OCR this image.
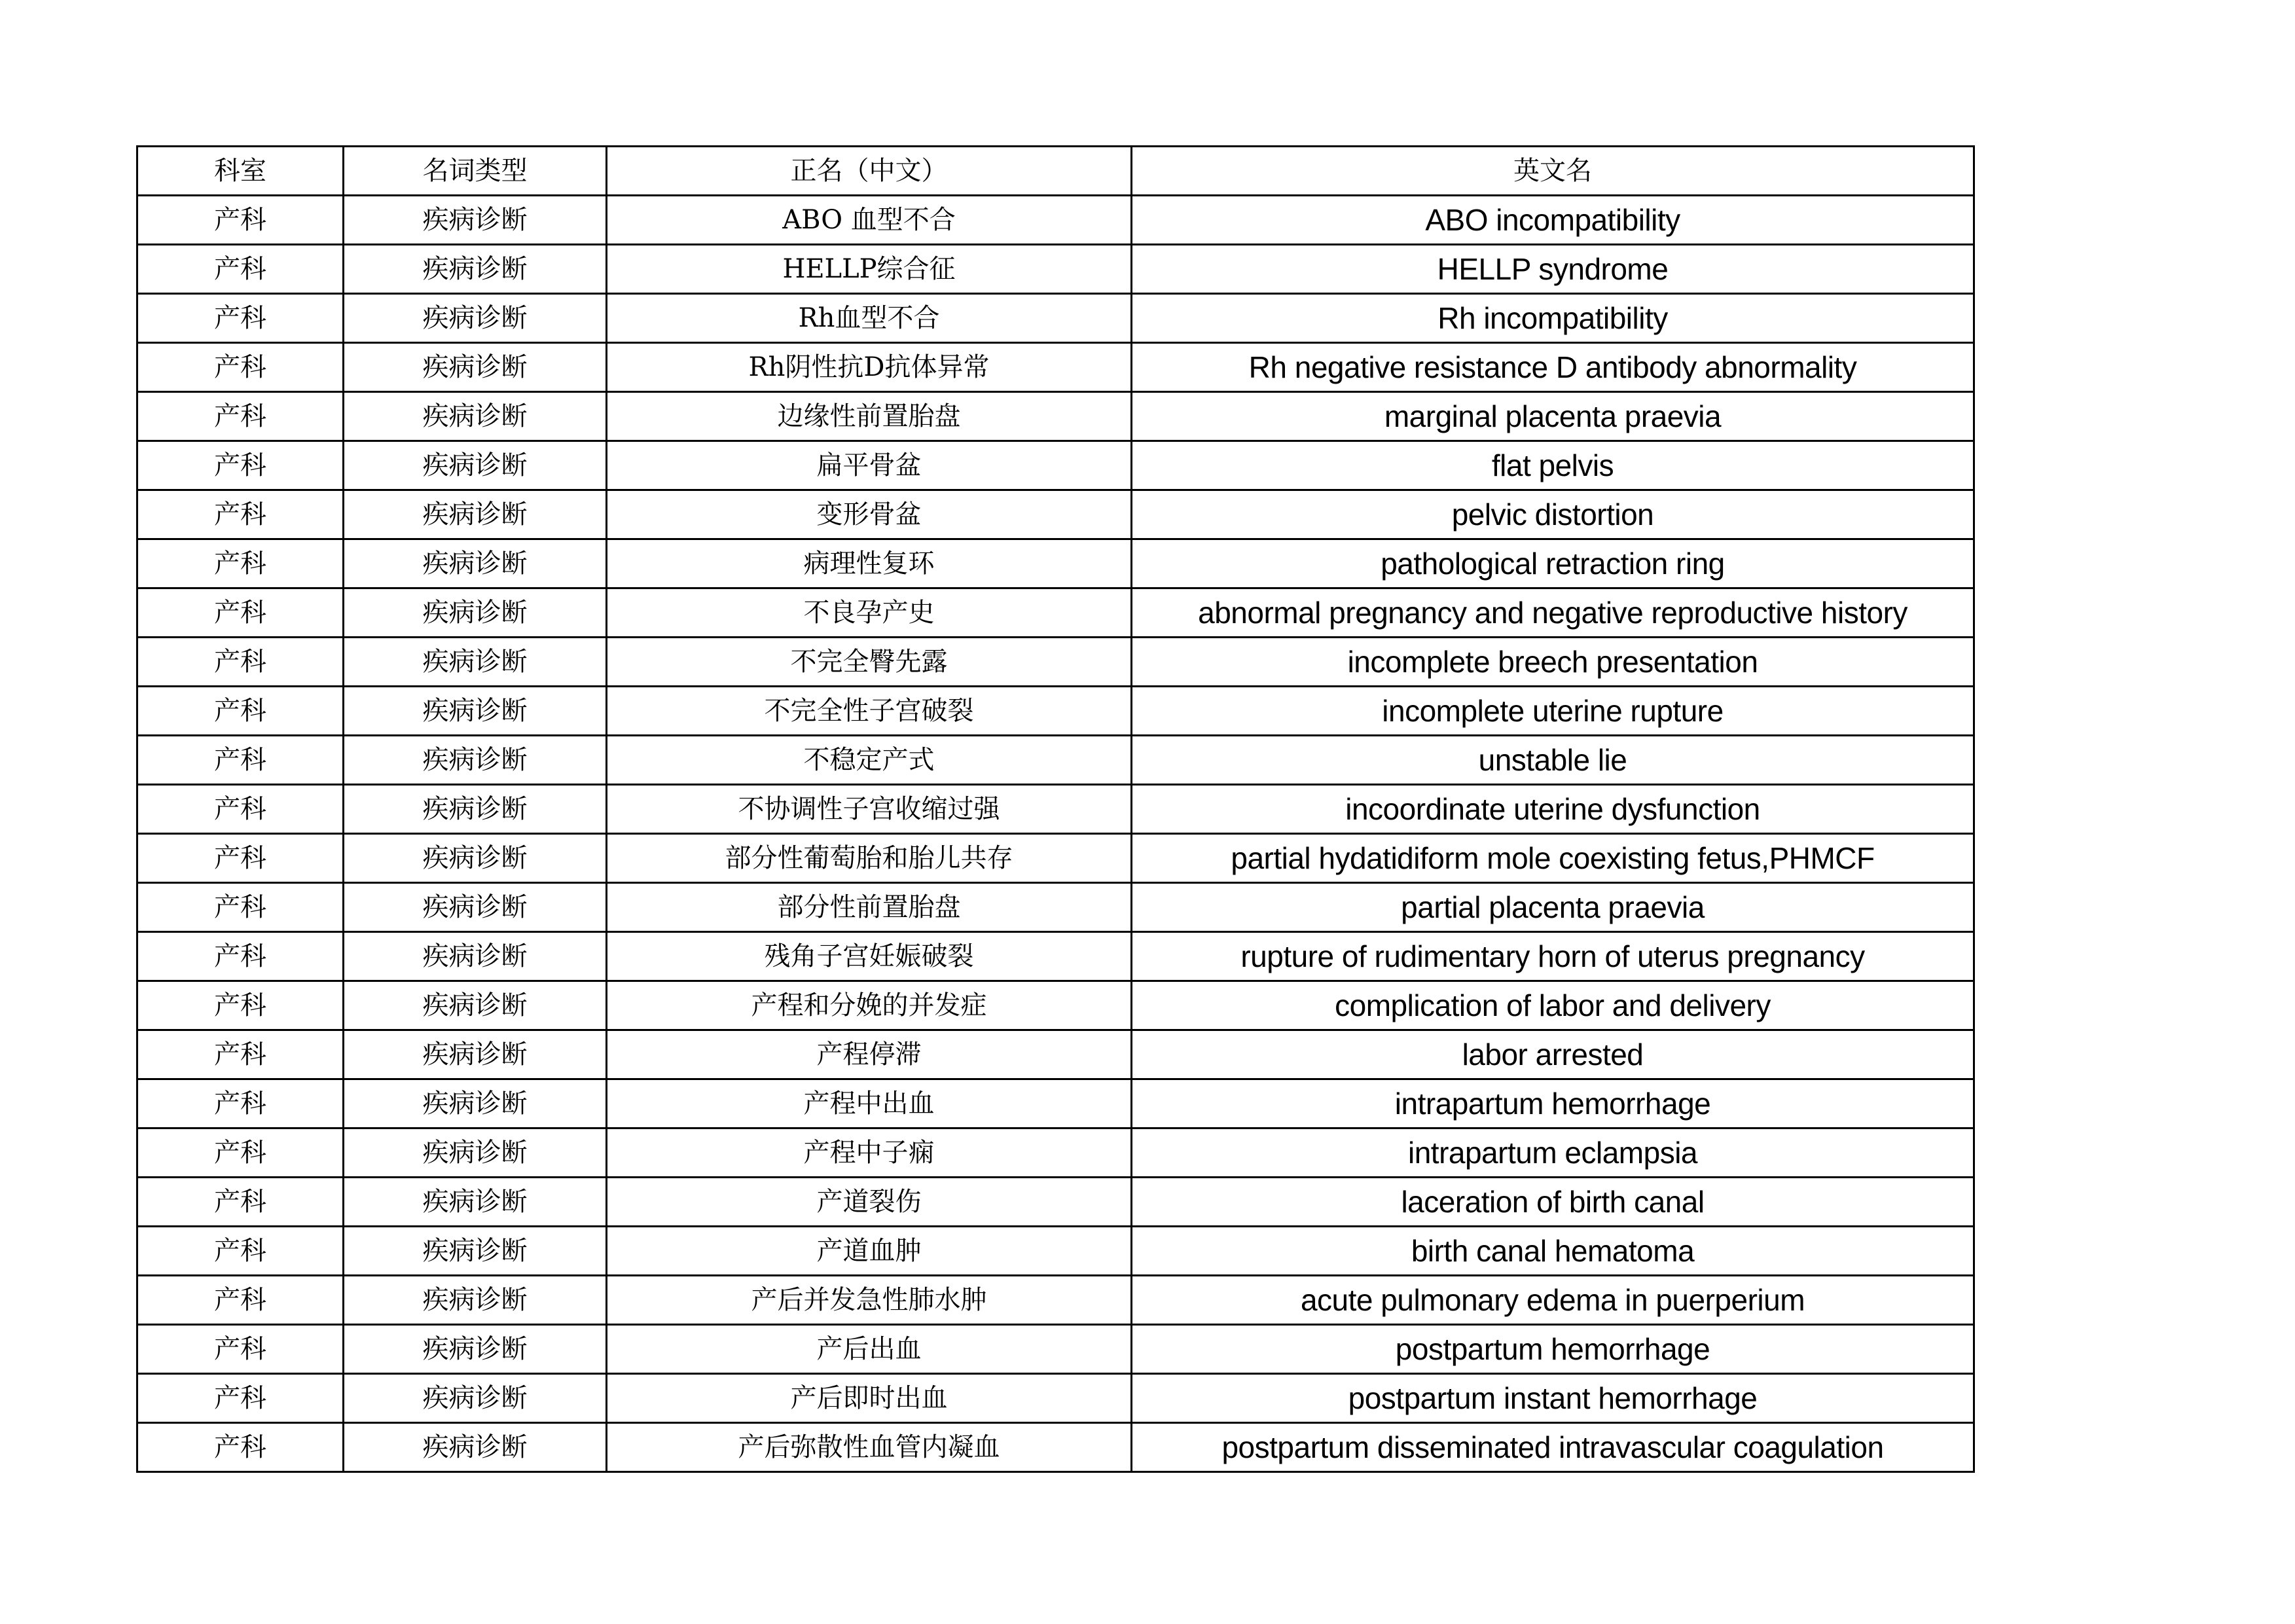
科室	名词类型	正名（中文）	英文名
产科	疾病诊断	ABO 血型不合	ABO incompatibility

产科	疾病诊断	HELLP综合征	HELLP syndrome

产科	疾病诊断	Rh血型不合	Rh incompatibility

产科	疾病诊断	Rh阴性抗D抗体异常	Rh negative resistance D antibody abnormality

产科	疾病诊断	边缘性前置胎盘	marginal placenta praevia

产科	疾病诊断	扁平骨盆	flat pelvis

产科	疾病诊断	变形骨盆	pelvic distortion

产科	疾病诊断	病理性复环	pathological retraction ring

产科	疾病诊断	不良孕产史	abnormal pregnancy and negative reproductive history

产科	疾病诊断	不完全臀先露	incomplete breech presentation

产科	疾病诊断	不完全性子宫破裂	incomplete uterine rupture

产科	疾病诊断	不稳定产式	unstable lie

产科	疾病诊断	不协调性子宫收缩过强	incoordinate uterine dysfunction

产科	疾病诊断	部分性葡萄胎和胎儿共存	partial hydatidiform mole coexisting fetus,PHMCF

产科	疾病诊断	部分性前置胎盘	partial placenta praevia

产科	疾病诊断	残角子宫妊娠破裂	rupture of rudimentary horn of uterus pregnancy

产科	疾病诊断	产程和分娩的并发症	complication of labor and delivery

产科	疾病诊断	产程停滞	labor arrested

产科	疾病诊断	产程中出血	intrapartum hemorrhage

产科	疾病诊断	产程中子痫	intrapartum eclampsia

产科	疾病诊断	产道裂伤	laceration of birth canal

产科	疾病诊断	产道血肿	birth canal hematoma

产科	疾病诊断	产后并发急性肺水肿	acute pulmonary edema in puerperium

产科	疾病诊断	产后出血	postpartum hemorrhage

产科	疾病诊断	产后即时出血	postpartum instant hemorrhage

产科	疾病诊断	产后弥散性血管内凝血	postpartum disseminated intravascular coagulation
